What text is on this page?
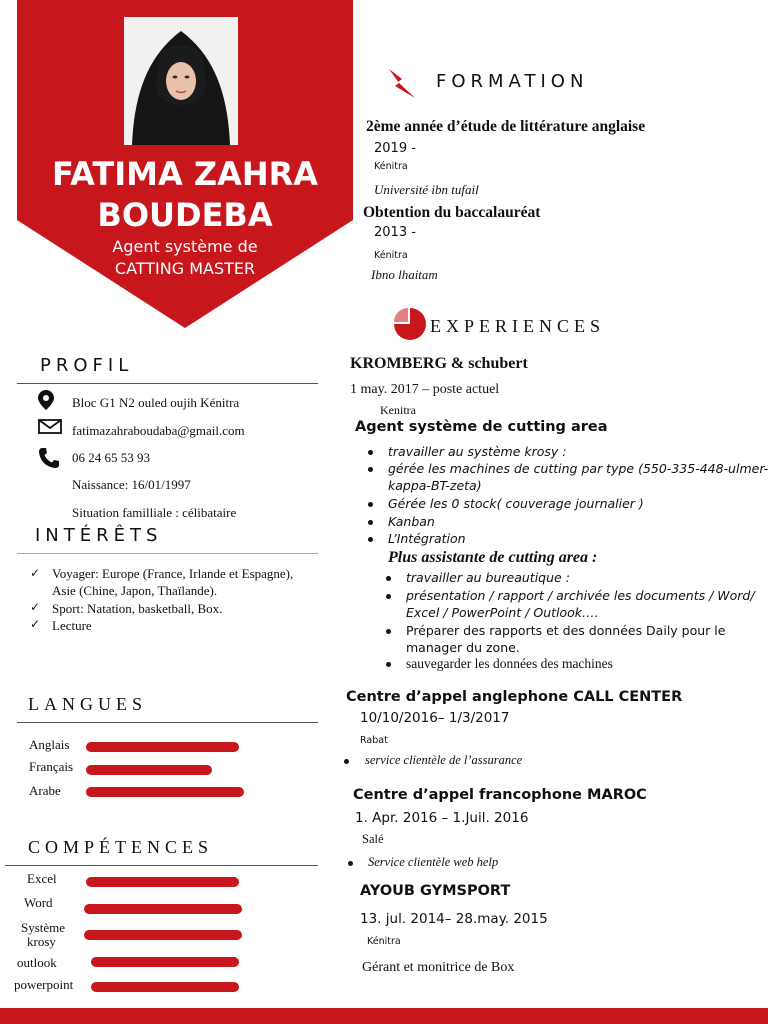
FATIMA ZAHRA
BOUDEBA
Agent système de
CATTING MASTER
PROFIL
Bloc G1 N2 ouled oujih Kénitra
fatimazahraboudaba@gmail.com
06 24 65 53 93
Naissance: 16/01/1997
Situation familliale : célibataire
INTÉRÊTS
✓ Voyager: Europe (France, Irlande et Espagne),
Asie (Chine, Japon, Thaïlande).
✓ Sport: Natation, basketball, Box.
✓ Lecture
LANGUES
Anglais
Français
Arabe
COMPÉTENCES
Excel
Word
Système
krosy
outlook
powerpoint
FORMATION
2ème année d’étude de littérature anglaise
2019 -
Kénitra
Université ibn tufail
Obtention du baccalauréat
2013 -
Kénitra
Ibno lhaitam
EXPERIENCES
KROMBERG & schubert
1 may. 2017 – poste actuel
Kenitra
Agent système de cutting area
travailler au système krosy :
gérée les machines de cutting par type (550-335-448-ulmer-
kappa-BT-zeta)
Gérée les 0 stock( couverage journalier )
Kanban
L’Intégration
Plus assistante de cutting area :
travailler au bureautique :
présentation / rapport / archivée les documents / Word/
Excel / PowerPoint / Outlook….
Préparer des rapports et des données Daily pour le
manager du zone.
sauvegarder les données des machines
Centre d’appel anglephone CALL CENTER
10/10/2016– 1/3/2017
Rabat
service clientèle de l’assurance
Centre d’appel francophone MAROC
1. Apr. 2016 – 1.Juil. 2016
Salé
Service clientèle web help
AYOUB GYMSPORT
13. jul. 2014– 28.may. 2015
Kénitra
Gérant et monitrice de Box
